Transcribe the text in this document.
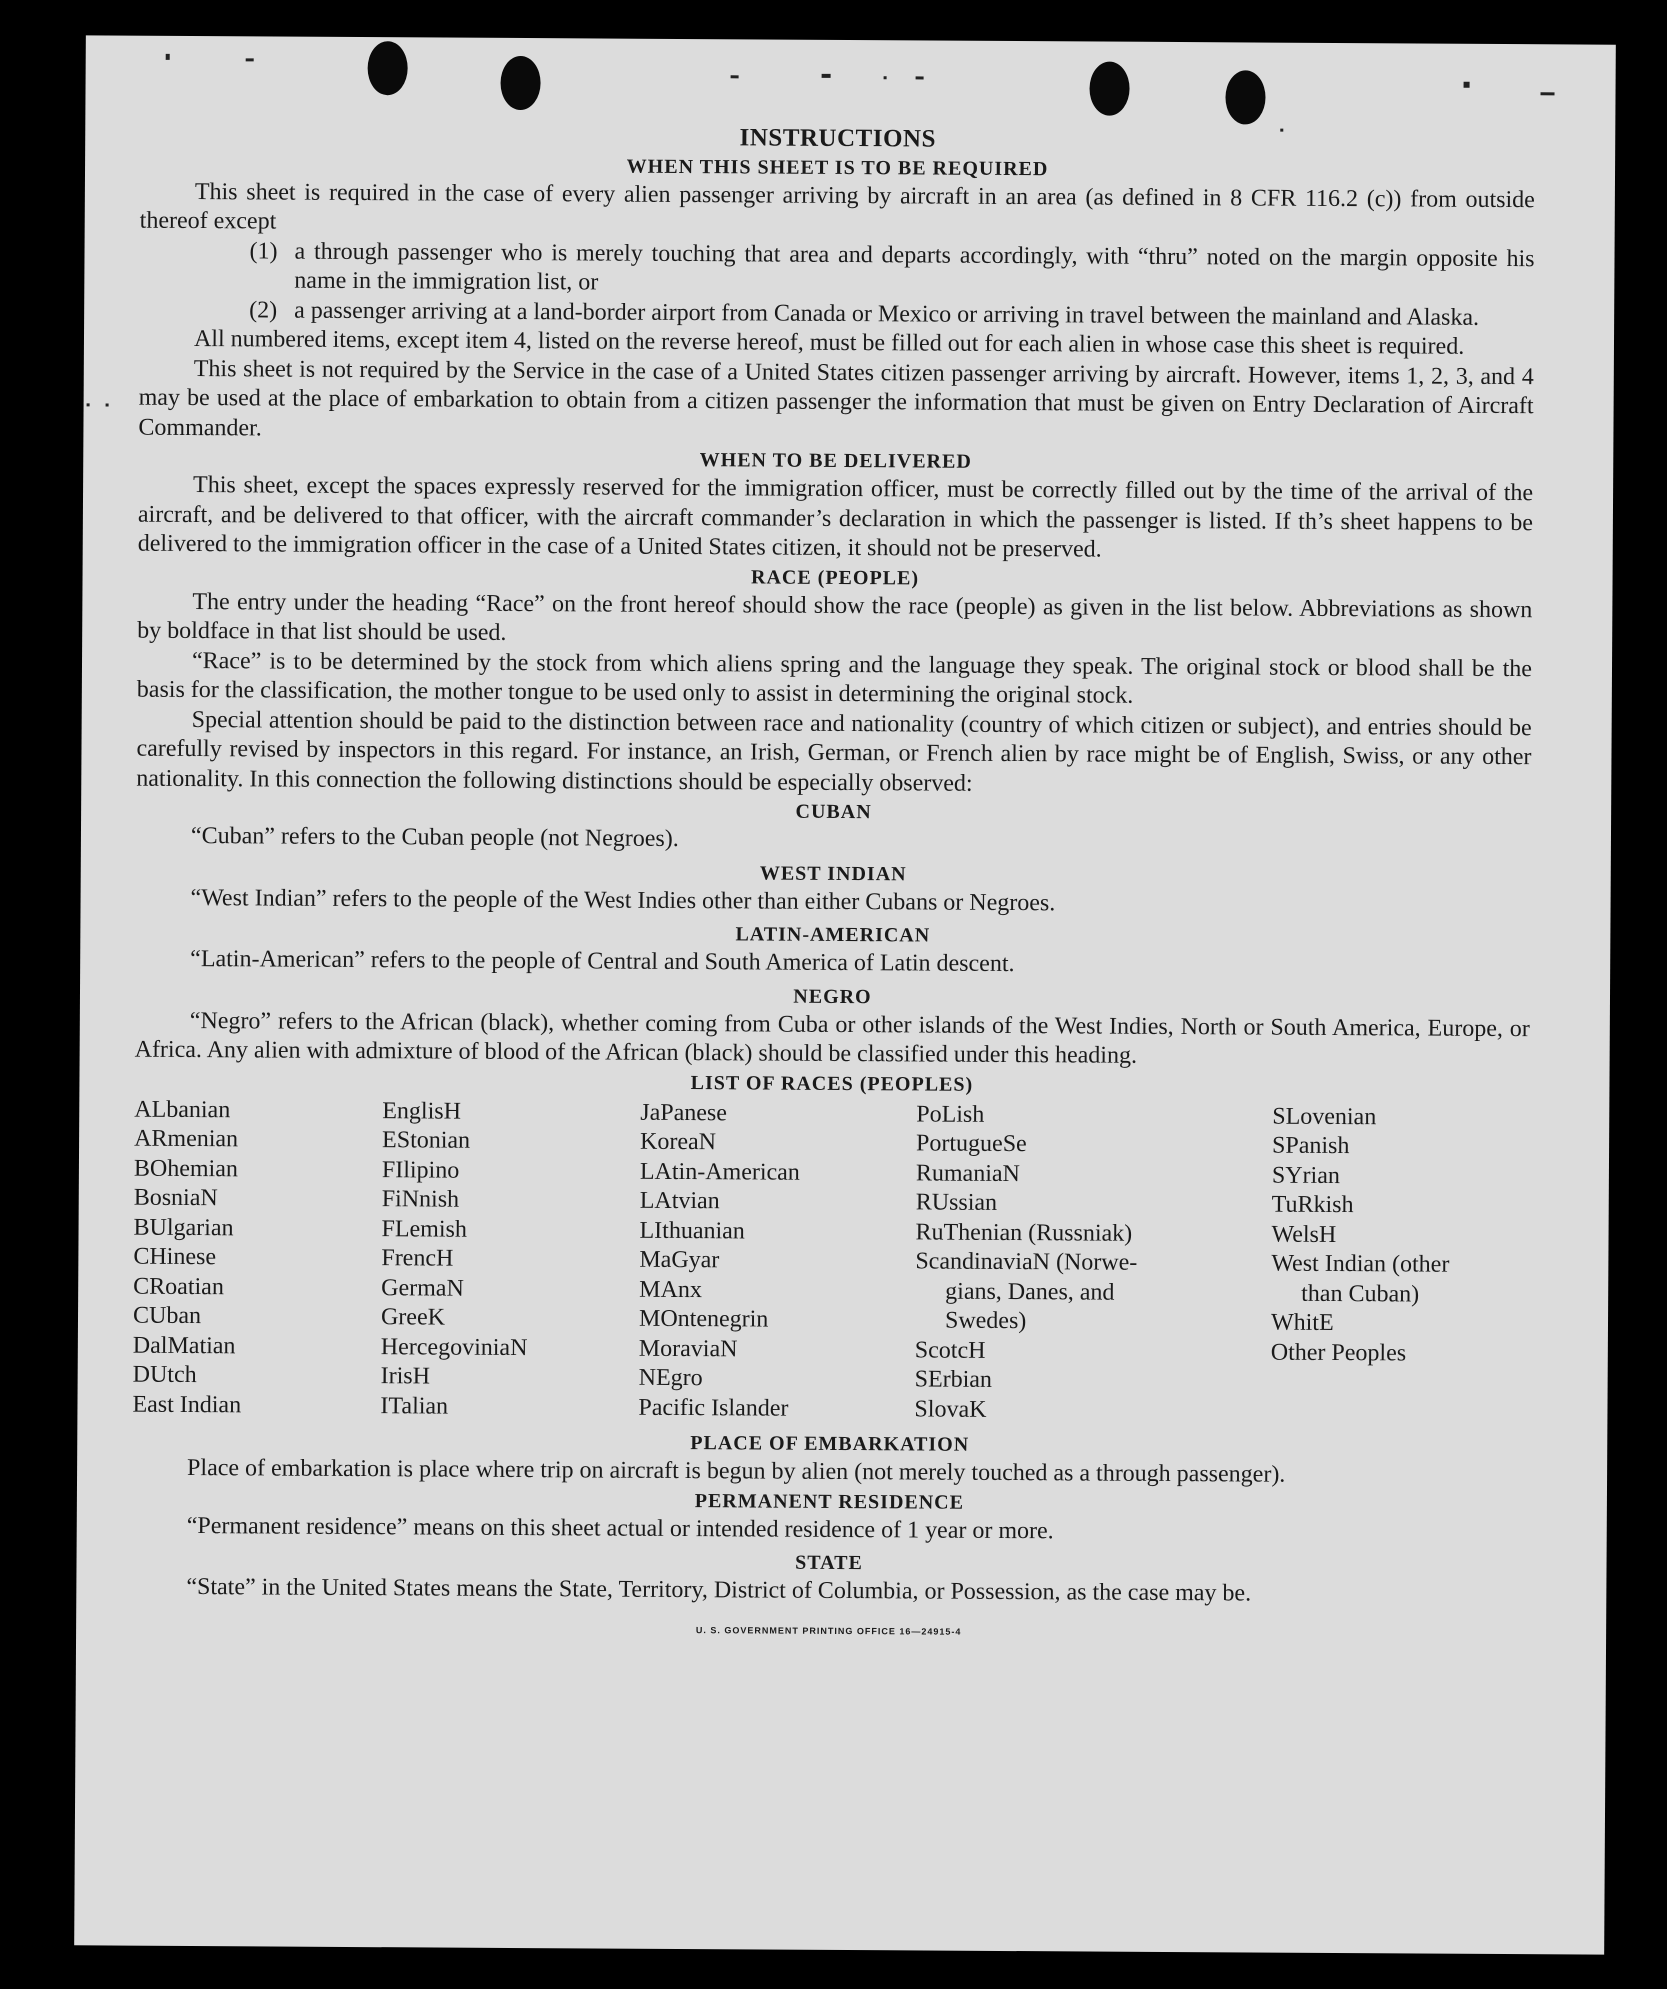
INSTRUCTIONS
WHEN THIS SHEET IS TO BE REQUIRED

This sheet is required in the case of every alien passenger arriving by aircraft in an area (as defined in 8 CFR 116.2 (c)) from outside thereof except

(1) a through passenger who is merely touching that area and departs accordingly, with “thru” noted on the margin opposite his name in the immigration list, or

(2) a passenger arriving at a land-border airport from Canada or Mexico or arriving in travel between the mainland and Alaska.

All numbered items, except item 4, listed on the reverse hereof, must be filled out for each alien in whose case this sheet is required.

This sheet is not required by the Service in the case of a United States citizen passenger arriving by aircraft. However, items 1, 2, 3, and 4 may be used at the place of embarkation to obtain from a citizen passenger the information that must be given on Entry Declaration of Aircraft Commander.

WHEN TO BE DELIVERED

This sheet, except the spaces expressly reserved for the immigration officer, must be correctly filled out by the time of the arrival of the aircraft, and be delivered to that officer, with the aircraft commander’s declaration in which the passenger is listed. If th’s sheet happens to be delivered to the immigration officer in the case of a United States citizen, it should not be preserved.

RACE (PEOPLE)

The entry under the heading “Race” on the front hereof should show the race (people) as given in the list below. Abbreviations as shown by boldface in that list should be used.

“Race” is to be determined by the stock from which aliens spring and the language they speak. The original stock or blood shall be the basis for the classification, the mother tongue to be used only to assist in determining the original stock.

Special attention should be paid to the distinction between race and nationality (country of which citizen or subject), and entries should be carefully revised by inspectors in this regard. For instance, an Irish, German, or French alien by race might be of English, Swiss, or any other nationality. In this connection the following distinctions should be especially observed:

CUBAN

“Cuban” refers to the Cuban people (not Negroes).

WEST INDIAN

“West Indian” refers to the people of the West Indies other than either Cubans or Negroes.

LATIN-AMERICAN

“Latin-American” refers to the people of Central and South America of Latin descent.

NEGRO

“Negro” refers to the African (black), whether coming from Cuba or other islands of the West Indies, North or South America, Europe, or Africa. Any alien with admixture of blood of the African (black) should be classified under this heading.

LIST OF RACES (PEOPLES)
ALbanian
ARmenian
BOhemian
BosniaN
BUlgarian
CHinese
CRoatian
CUban
DalMatian
DUtch
East Indian
EnglisH
EStonian
FIlipino
FiNnish
FLemish
FrencH
GermaN
GreeK
HercegoviniaN
IrisH
ITalian
JaPanese
KoreaN
LAtin-American
LAtvian
LIthuanian
MaGyar
MAnx
MOntenegrin
MoraviaN
NEgro
Pacific Islander
PoLish
PortugueSe
RumaniaN
RUssian
RuThenian (Russniak)
ScandinaviaN (Norwe-
gians, Danes, and
Swedes)
ScotcH
SErbian
SlovaK
SLovenian
SPanish
SYrian
TuRkish
WelsH
West Indian (other
than Cuban)
WhitE
Other Peoples
PLACE OF EMBARKATION

Place of embarkation is place where trip on aircraft is begun by alien (not merely touched as a through passenger).

PERMANENT RESIDENCE

“Permanent residence” means on this sheet actual or intended residence of 1 year or more.

STATE

“State” in the United States means the State, Territory, District of Columbia, or Possession, as the case may be.

U. S. GOVERNMENT PRINTING OFFICE 16—24915-4
